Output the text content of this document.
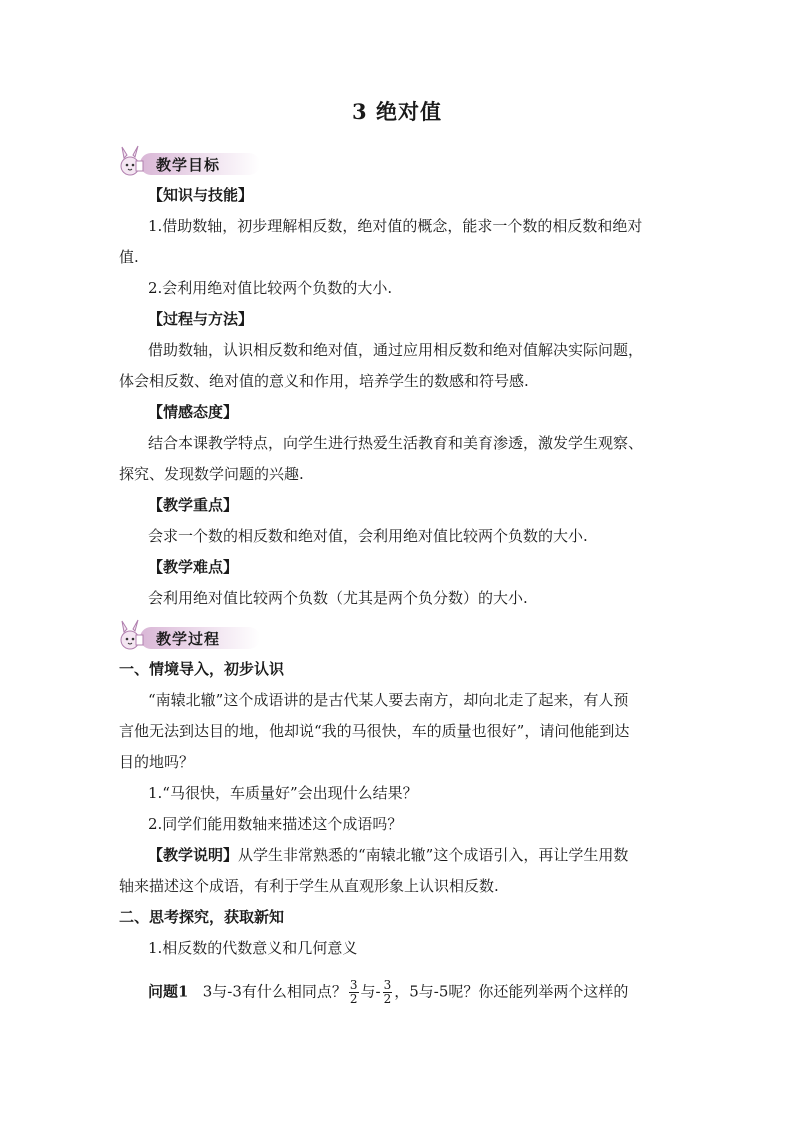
3 绝对值
教学目标
【知识与技能】
1.借助数轴，初步理解相反数，绝对值的概念，能求一个数的相反数和绝对
值.
2.会利用绝对值比较两个负数的大小.
【过程与方法】
借助数轴，认识相反数和绝对值，通过应用相反数和绝对值解决实际问题，
体会相反数、绝对值的意义和作用，培养学生的数感和符号感.
【情感态度】
结合本课教学特点，向学生进行热爱生活教育和美育渗透，激发学生观察、
探究、发现数学问题的兴趣.
【教学重点】
会求一个数的相反数和绝对值，会利用绝对值比较两个负数的大小.
【教学难点】
会利用绝对值比较两个负数（尤其是两个负分数）的大小.
教学过程
一、情境导入，初步认识
“南辕北辙”这个成语讲的是古代某人要去南方，却向北走了起来，有人预
言他无法到达目的地，他却说“我的马很快，车的质量也很好”，请问他能到达
目的地吗？
1.“马很快，车质量好”会出现什么结果？
2.同学们能用数轴来描述这个成语吗？
【教学说明】从学生非常熟悉的“南辕北辙”这个成语引入，再让学生用数
轴来描述这个成语，有利于学生从直观形象上认识相反数.
二、思考探究，获取新知
1.相反数的代数意义和几何意义
问题1 3与-3有什么相同点？ $\frac{3}{2}$ 与- $\frac{3}{2}$ ，5与-5呢？你还能列举两个这样的
